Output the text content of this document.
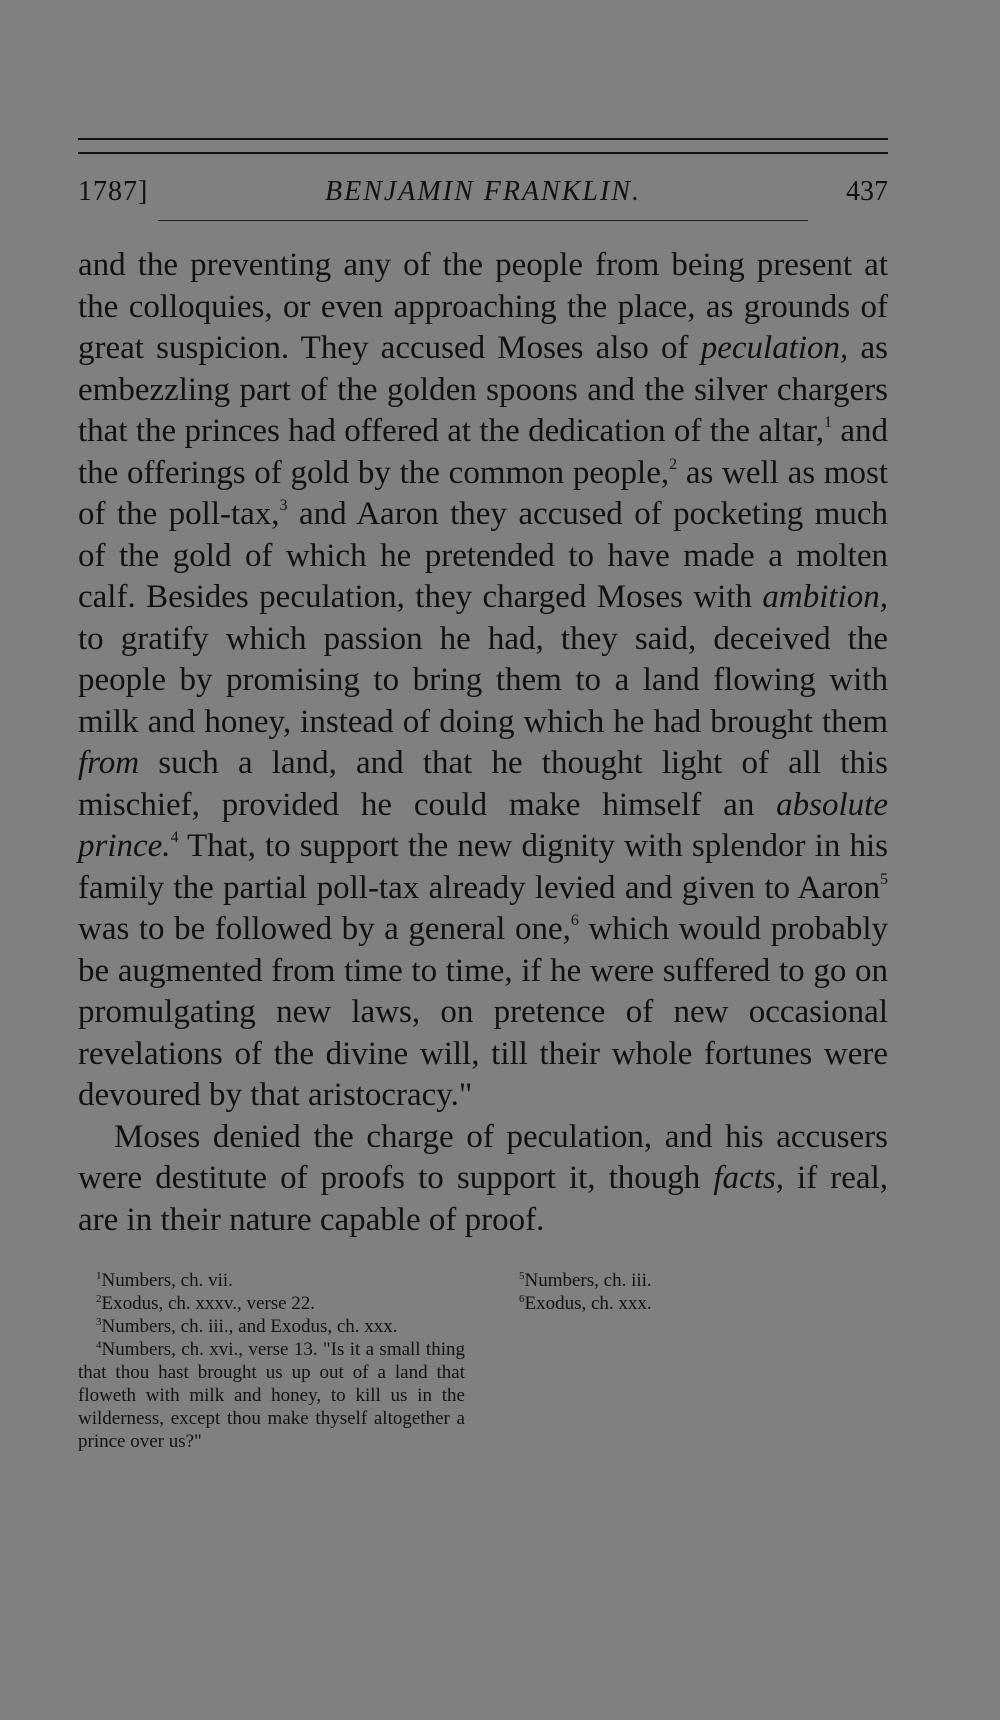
1787]	BENJAMIN FRANKLIN.	437

and the preventing any of the people from being present at the colloquies, or even approaching the place, as grounds of great suspicion. They accused Moses also of peculation, as embezzling part of the golden spoons and the silver chargers that the princes had offered at the dedication of the altar,$^1$ and the offerings of gold by the common people,$^2$ as well as most of the poll-tax,$^3$ and Aaron they accused of pocketing much of the gold of which he pretended to have made a molten calf. Besides peculation, they charged Moses with ambition, to gratify which passion he had, they said, deceived the people by promising to bring them to a land flowing with milk and honey, instead of doing which he had brought them from such a land, and that he thought light of all this mischief, provided he could make himself an absolute prince.$^4$ That, to support the new dignity with splendor in his family the partial poll-tax already levied and given to Aaron$^5$ was to be followed by a general one,$^6$ which would probably be augmented from time to time, if he were suffered to go on promulgating new laws, on pretence of new occasional revelations of the divine will, till their whole fortunes were devoured by that aristocracy."

Moses denied the charge of peculation, and his accusers were destitute of proofs to support it, though facts, if real, are in their nature capable of proof.

$^1$Numbers, ch. vii.

$^2$Exodus, ch. xxxv., verse 22.

$^3$Numbers, ch. iii., and Exodus, ch. xxx.

$^4$Numbers, ch. xvi., verse 13. "Is it a small thing that thou hast brought us up out of a land that floweth with milk and honey, to kill us in the wilderness, except thou make thyself altogether a prince over us?"

$^5$Numbers, ch. iii.

$^6$Exodus, ch. xxx.
